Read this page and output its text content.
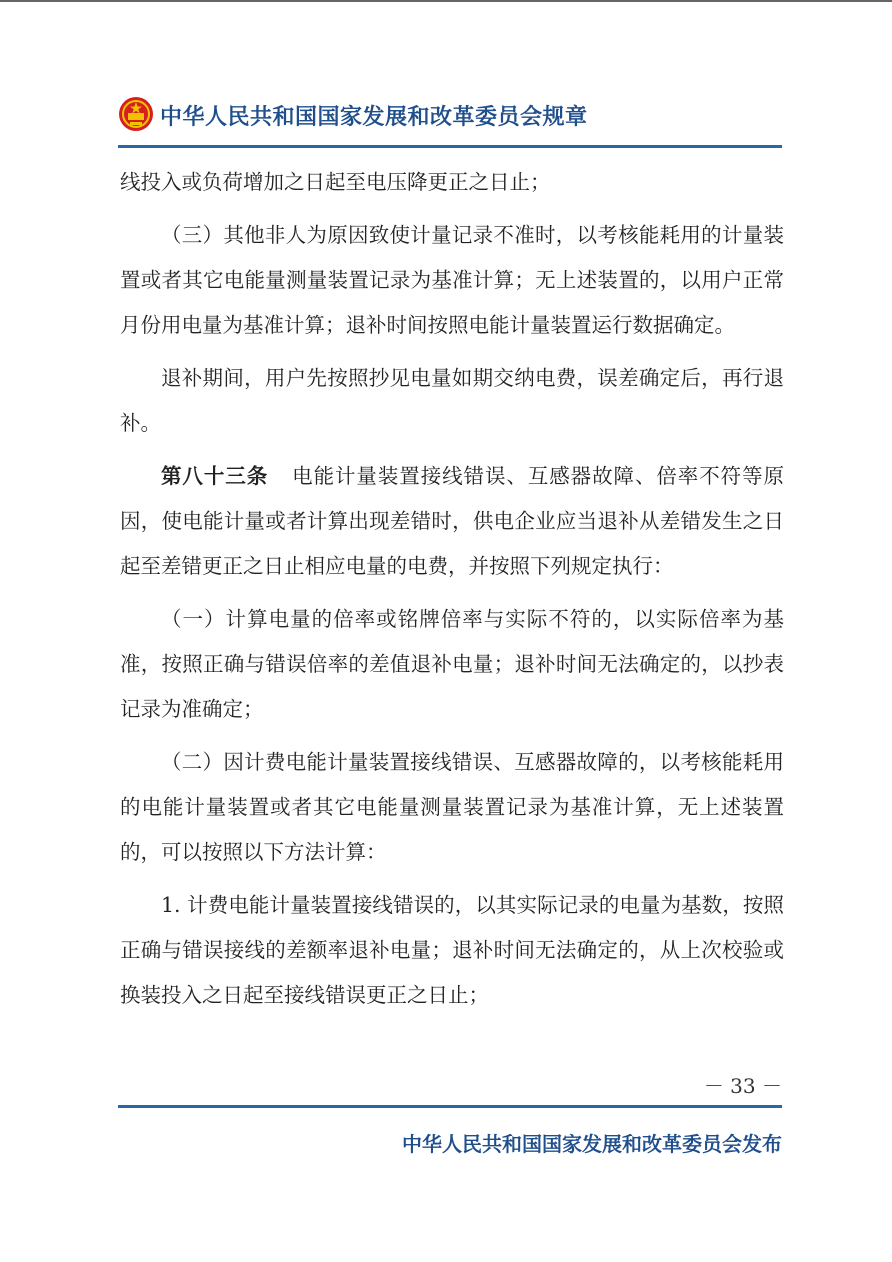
中华人民共和国国家发展和改革委员会规章

线投入或负荷增加之日起至电压降更正之日止；

（三）其他非人为原因致使计量记录不准时，以考核能耗用的计量装置或者其它电能量测量装置记录为基准计算；无上述装置的，以用户正常月份用电量为基准计算；退补时间按照电能计量装置运行数据确定。

退补期间，用户先按照抄见电量如期交纳电费，误差确定后，再行退补。

第八十三条 电能计量装置接线错误、互感器故障、倍率不符等原因，使电能计量或者计算出现差错时，供电企业应当退补从差错发生之日起至差错更正之日止相应电量的电费，并按照下列规定执行：

（一）计算电量的倍率或铭牌倍率与实际不符的，以实际倍率为基准，按照正确与错误倍率的差值退补电量；退补时间无法确定的，以抄表记录为准确定；

（二）因计费电能计量装置接线错误、互感器故障的，以考核能耗用的电能计量装置或者其它电能量测量装置记录为基准计算，无上述装置的，可以按照以下方法计算：

1. 计费电能计量装置接线错误的，以其实际记录的电量为基数，按照正确与错误接线的差额率退补电量；退补时间无法确定的，从上次校验或换装投入之日起至接线错误更正之日止；

－ 33 －
中华人民共和国国家发展和改革委员会发布
